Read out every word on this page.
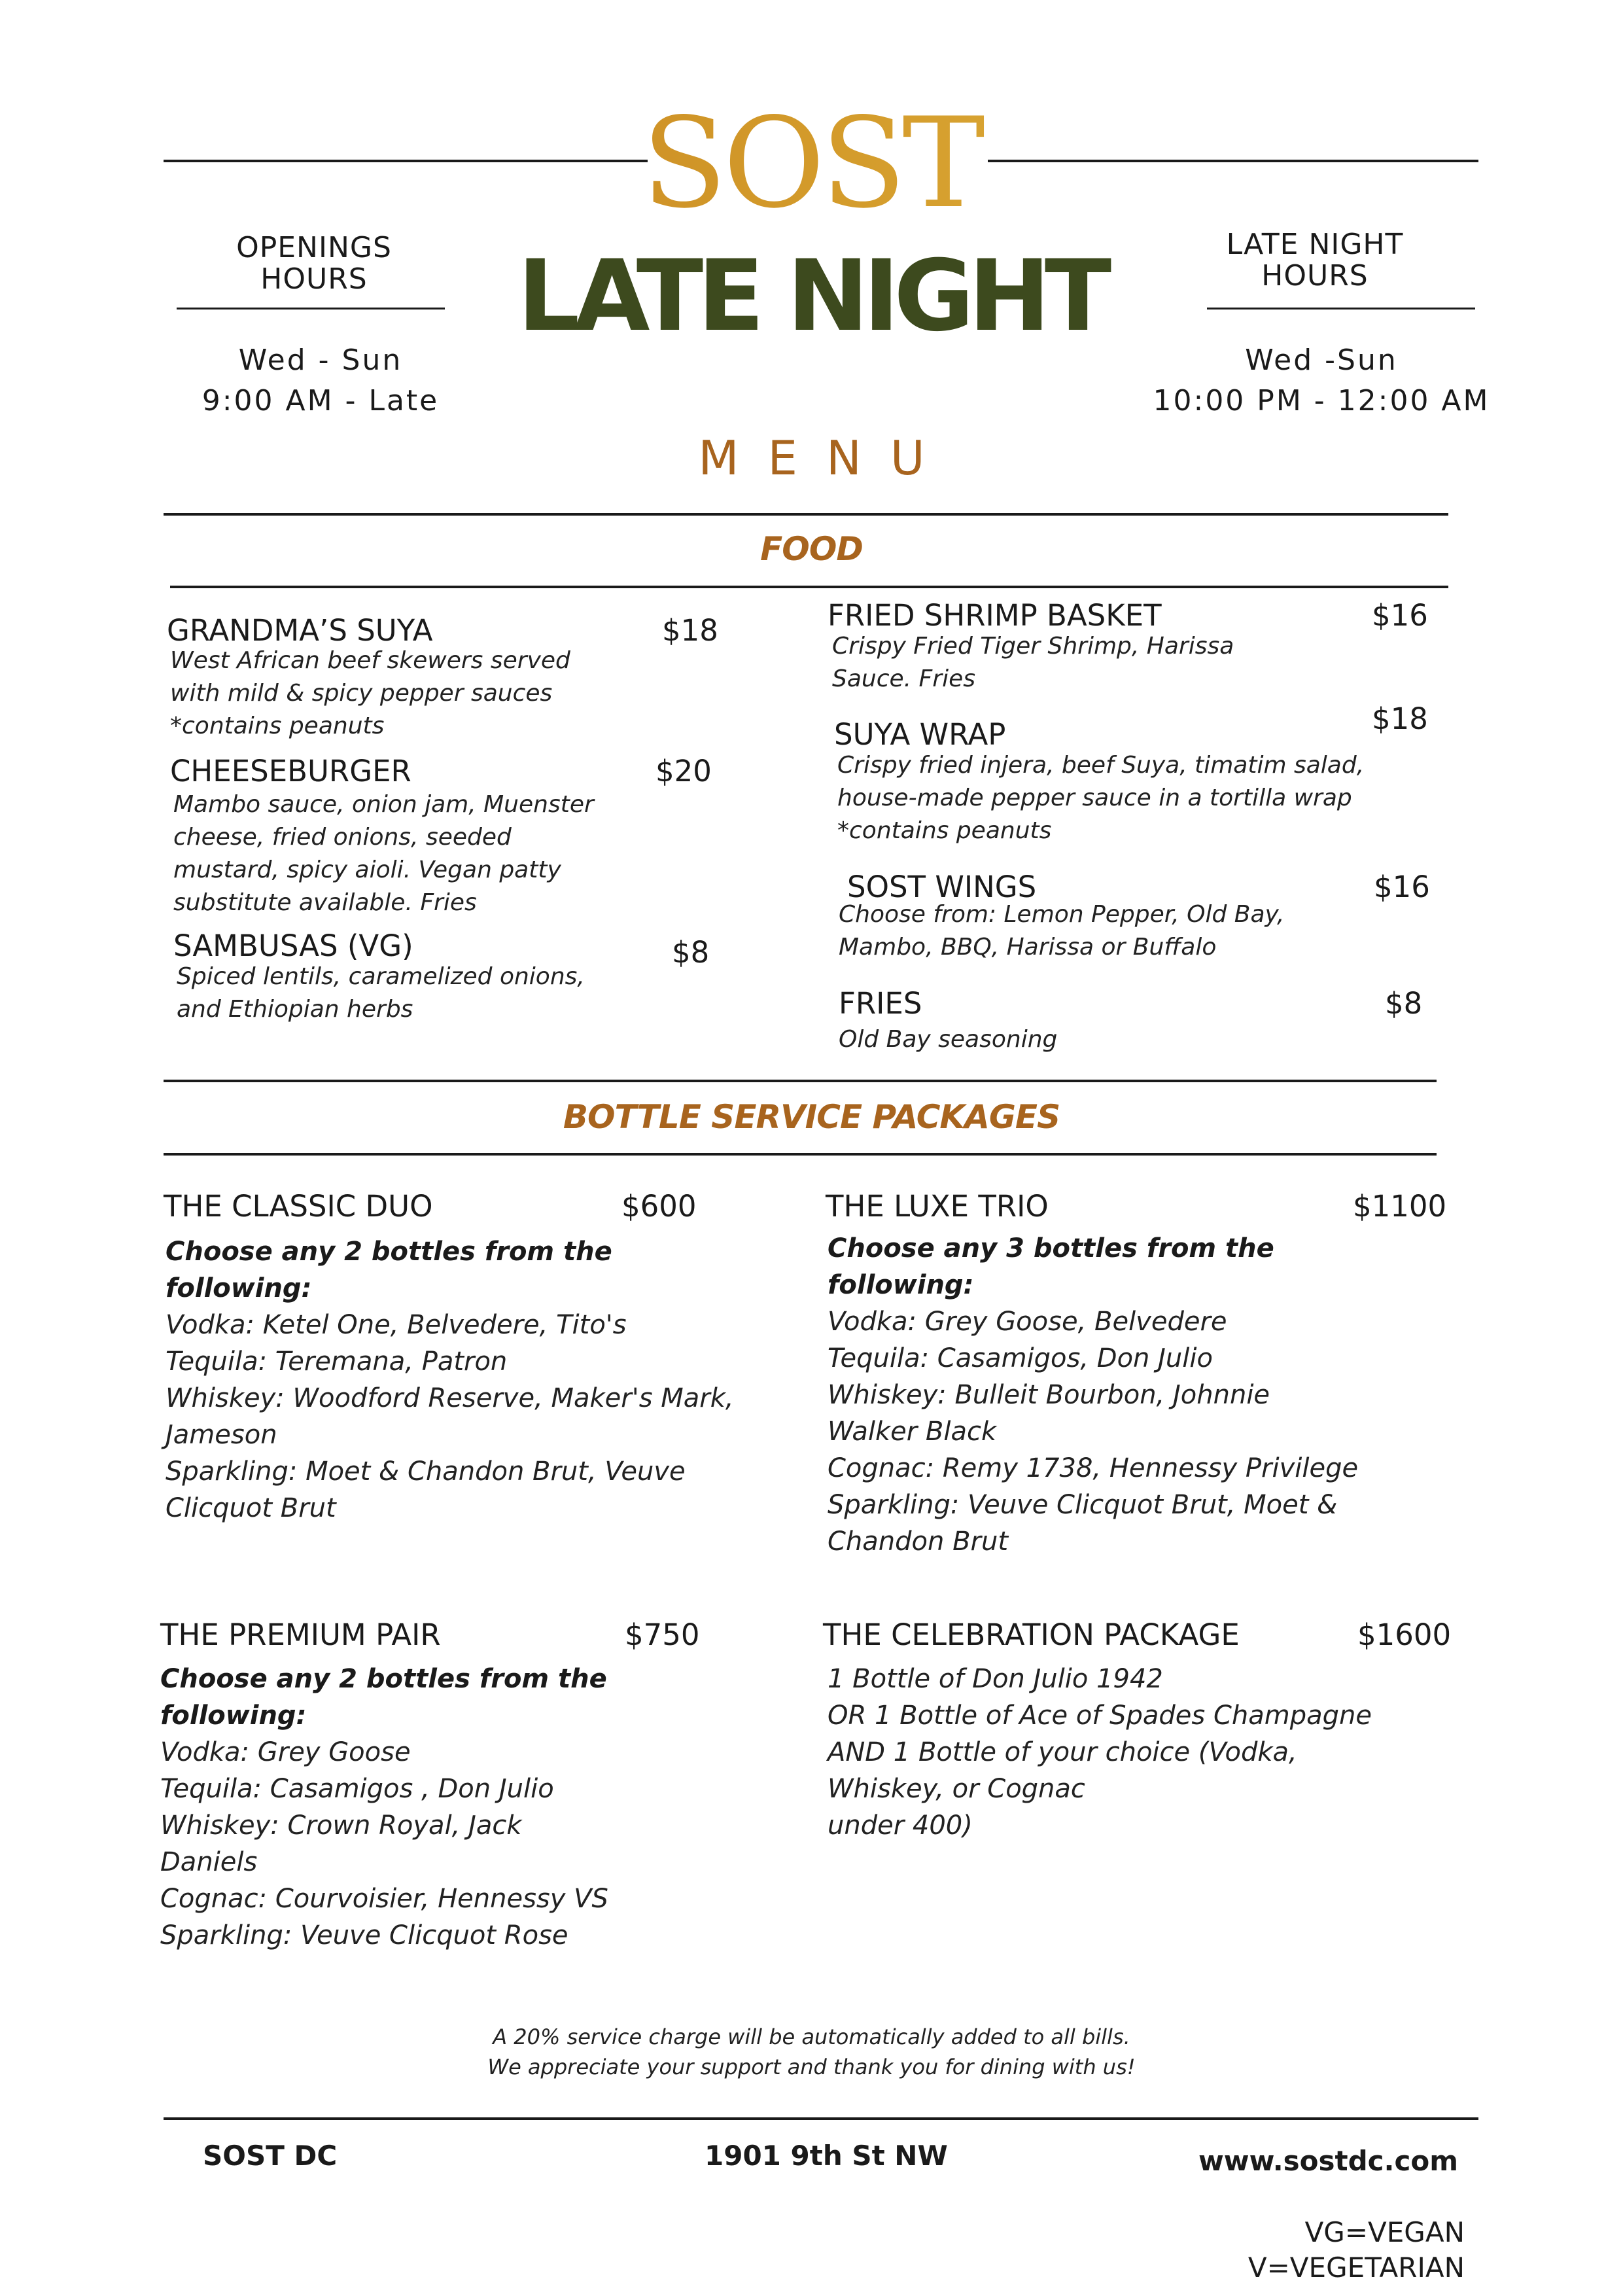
SOST
LATE NIGHT
OPENINGS
HOURS
Wed - Sun
9:00 AM - Late
LATE NIGHT
HOURS
Wed -Sun
10:00 PM - 12:00 AM
MENU
FOOD
GRANDMA’S SUYA	$18
West African beef skewers served
with mild & spicy pepper sauces
*contains peanuts
CHEESEBURGER	$20
Mambo sauce, onion jam, Muenster
cheese, fried onions, seeded
mustard, spicy aioli. Vegan patty
substitute available. Fries
SAMBUSAS (VG)	$8
Spiced lentils, caramelized onions,
and Ethiopian herbs
FRIED SHRIMP BASKET	$16
Crispy Fried Tiger Shrimp, Harissa
Sauce. Fries
$18
SUYA WRAP
Crispy fried injera, beef Suya, timatim salad,
house-made pepper sauce in a tortilla wrap
*contains peanuts
SOST WINGS	$16
Choose from: Lemon Pepper, Old Bay,
Mambo, BBQ, Harissa or Buffalo
FRIES	$8
Old Bay seasoning
BOTTLE SERVICE PACKAGES
THE CLASSIC DUO	$600
Choose any 2 bottles from the
following:
Vodka: Ketel One, Belvedere, Tito's
Tequila: Teremana, Patron
Whiskey: Woodford Reserve, Maker's Mark,
Jameson
Sparkling: Moet & Chandon Brut, Veuve
Clicquot Brut
THE LUXE TRIO	$1100
Choose any 3 bottles from the
following:
Vodka: Grey Goose, Belvedere
Tequila: Casamigos, Don Julio
Whiskey: Bulleit Bourbon, Johnnie
Walker Black
Cognac: Remy 1738, Hennessy Privilege
Sparkling: Veuve Clicquot Brut, Moet &
Chandon Brut
THE PREMIUM PAIR	$750
Choose any 2 bottles from the
following:
Vodka: Grey Goose
Tequila: Casamigos , Don Julio
Whiskey: Crown Royal, Jack
Daniels
Cognac: Courvoisier, Hennessy VS
Sparkling: Veuve Clicquot Rose
THE CELEBRATION PACKAGE	$1600
1 Bottle of Don Julio 1942
OR 1 Bottle of Ace of Spades Champagne
AND 1 Bottle of your choice (Vodka,
Whiskey, or Cognac
under 400)
A 20% service charge will be automatically added to all bills.
We appreciate your support and thank you for dining with us!
SOST DC	1901 9th St NW	www.sostdc.com
VG=VEGAN
V=VEGETARIAN
